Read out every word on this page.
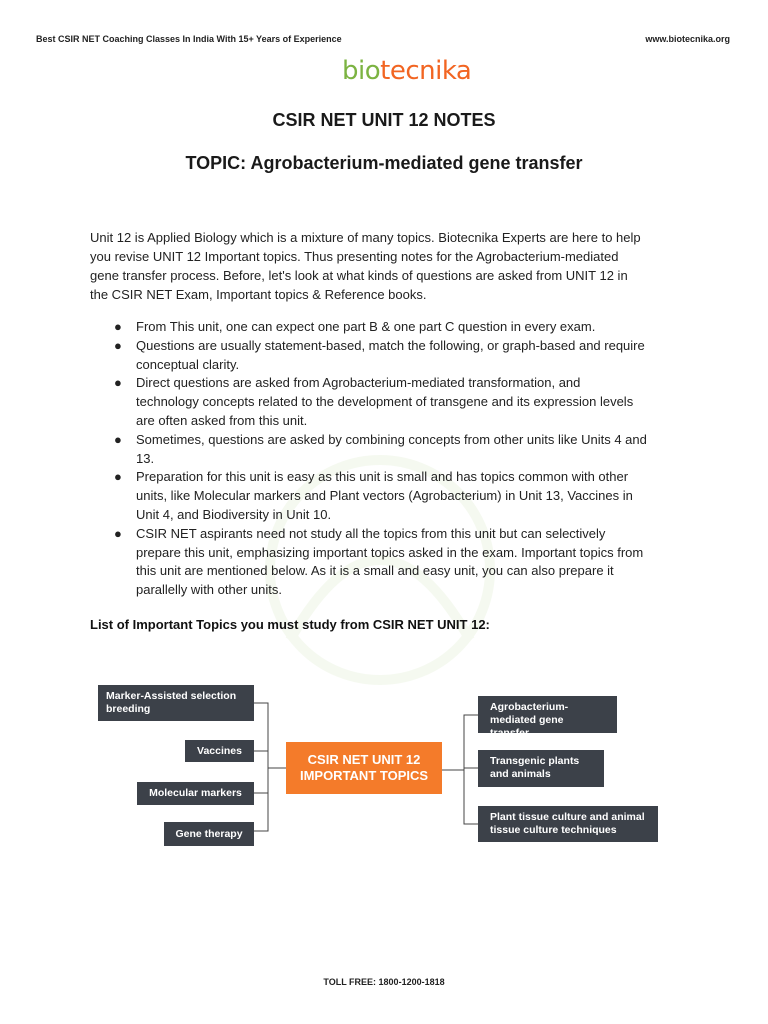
Best CSIR NET Coaching Classes In India With 15+ Years of Experience	www.biotecnika.org
biotecnika
CSIR NET UNIT 12 NOTES
TOPIC: Agrobacterium-mediated gene transfer
Unit 12 is Applied Biology which is a mixture of many topics. Biotecnika Experts are here to help
you revise UNIT 12 Important topics. Thus presenting notes for the Agrobacterium-mediated
gene transfer process. Before, let's look at what kinds of questions are asked from UNIT 12 in
the CSIR NET Exam, Important topics & Reference books.
● From This unit, one can expect one part B & one part C question in every exam.
● Questions are usually statement-based, match the following, or graph-based and require
conceptual clarity.
● Direct questions are asked from Agrobacterium-mediated transformation, and
technology concepts related to the development of transgene and its expression levels
are often asked from this unit.
● Sometimes, questions are asked by combining concepts from other units like Units 4 and
13.
● Preparation for this unit is easy as this unit is small and has topics common with other
units, like Molecular markers and Plant vectors (Agrobacterium) in Unit 13, Vaccines in
Unit 4, and Biodiversity in Unit 10.
● CSIR NET aspirants need not study all the topics from this unit but can selectively
prepare this unit, emphasizing important topics asked in the exam. Important topics from
this unit are mentioned below. As it is a small and easy unit, you can also prepare it
parallelly with other units.
List of Important Topics you must study from CSIR NET UNIT 12:
Marker-Assisted selection
breeding
Vaccines
Molecular markers
Gene therapy
CSIR NET UNIT 12
IMPORTANT TOPICS
Agrobacterium-
mediated gene transfer
Transgenic plants
and animals
Plant tissue culture and animal
tissue culture techniques
TOLL FREE: 1800-1200-1818
